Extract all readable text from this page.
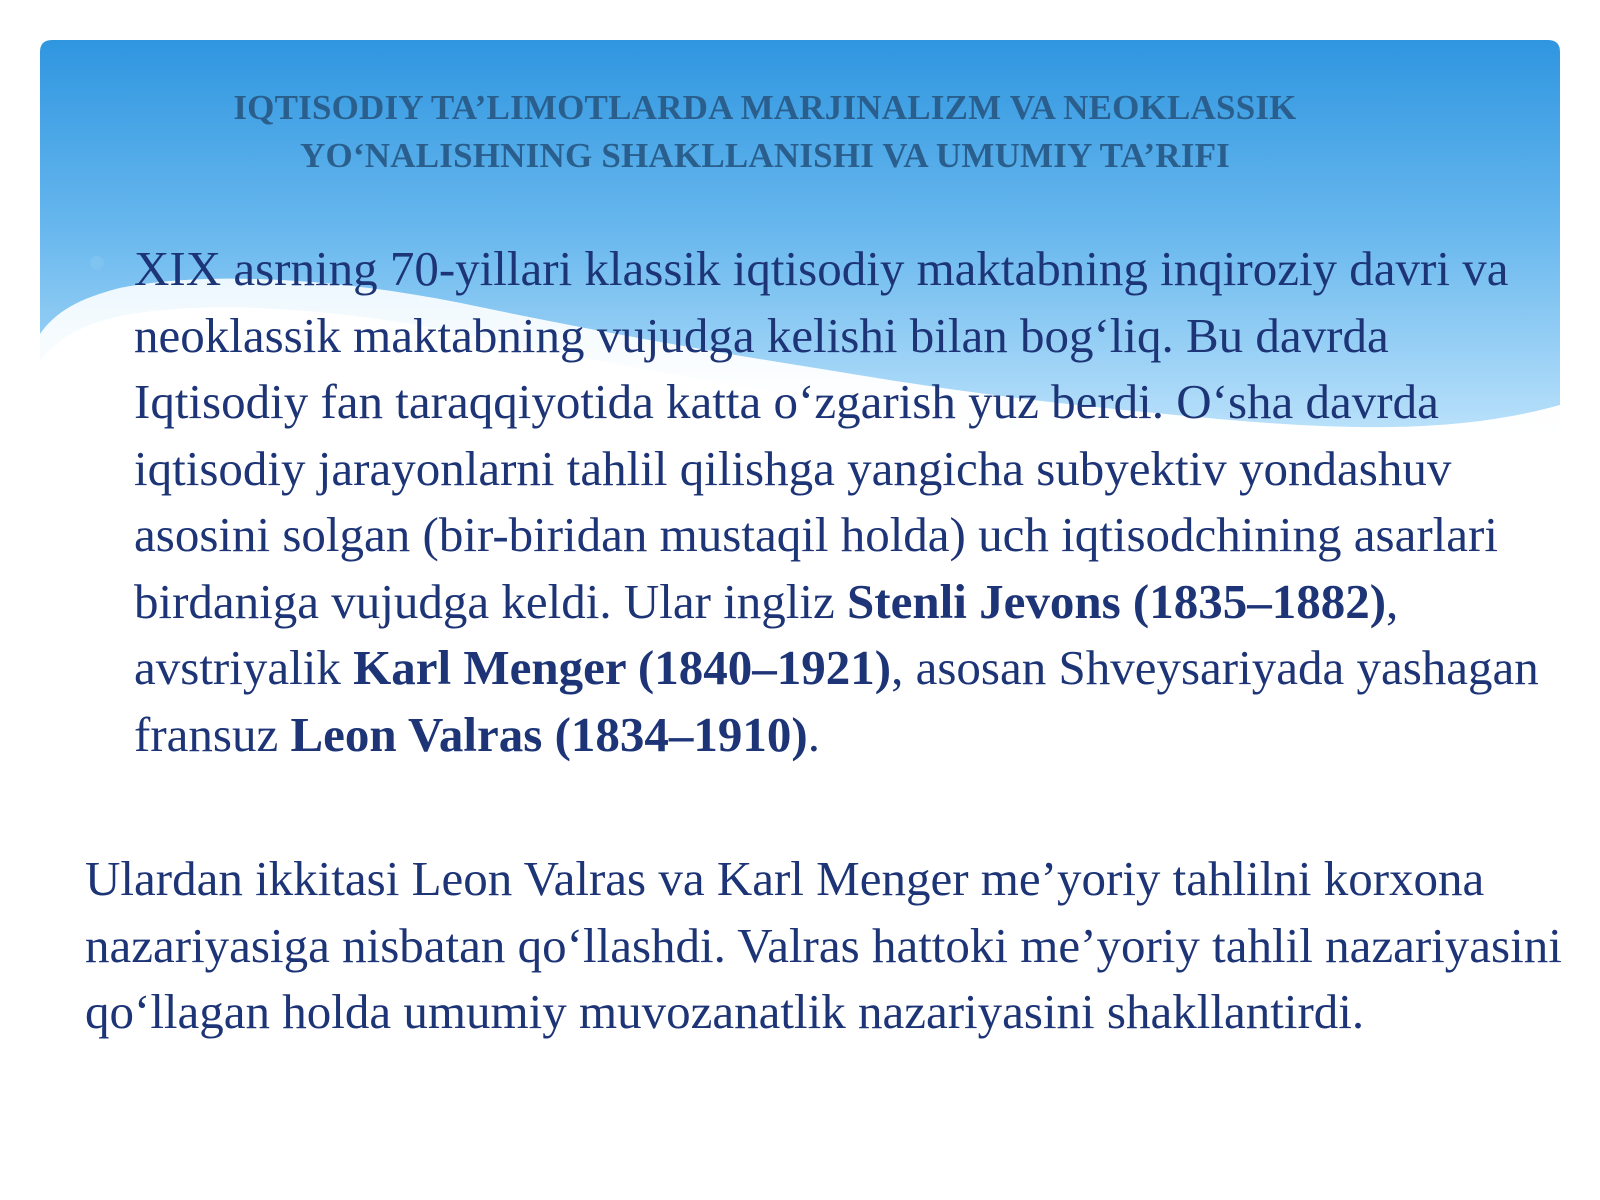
IQTISODIY TA’LIMOTLARDA MARJINALIZM VA NEOKLASSIK
YO‘NALISHNING SHAKLLANISHI VA UMUMIY TA’RIFI

XIX asrning 70-yillari klassik iqtisodiy maktabning inqiroziy davri va neoklassik maktabning vujudga kelishi bilan bog‘liq. Bu davrda Iqtisodiy fan taraqqiyotida katta o‘zgarish yuz berdi. O‘sha davrda iqtisodiy jarayonlarni tahlil qilishga yangicha subyektiv yondashuv asosini solgan (bir-biridan mustaqil holda) uch iqtisodchining asarlari birdaniga vujudga keldi. Ular ingliz Stenli Jevons (1835–1882), avstriyalik Karl Menger (1840–1921), asosan Shveysariyada yashagan fransuz Leon Valras (1834–1910).

Ulardan ikkitasi Leon Valras va Karl Menger me’yoriy tahlilni korxona nazariyasiga nisbatan qo‘llashdi. Valras hattoki me’yoriy tahlil nazariyasini qo‘llagan holda umumiy muvozanatlik nazariyasini shakllantirdi.
